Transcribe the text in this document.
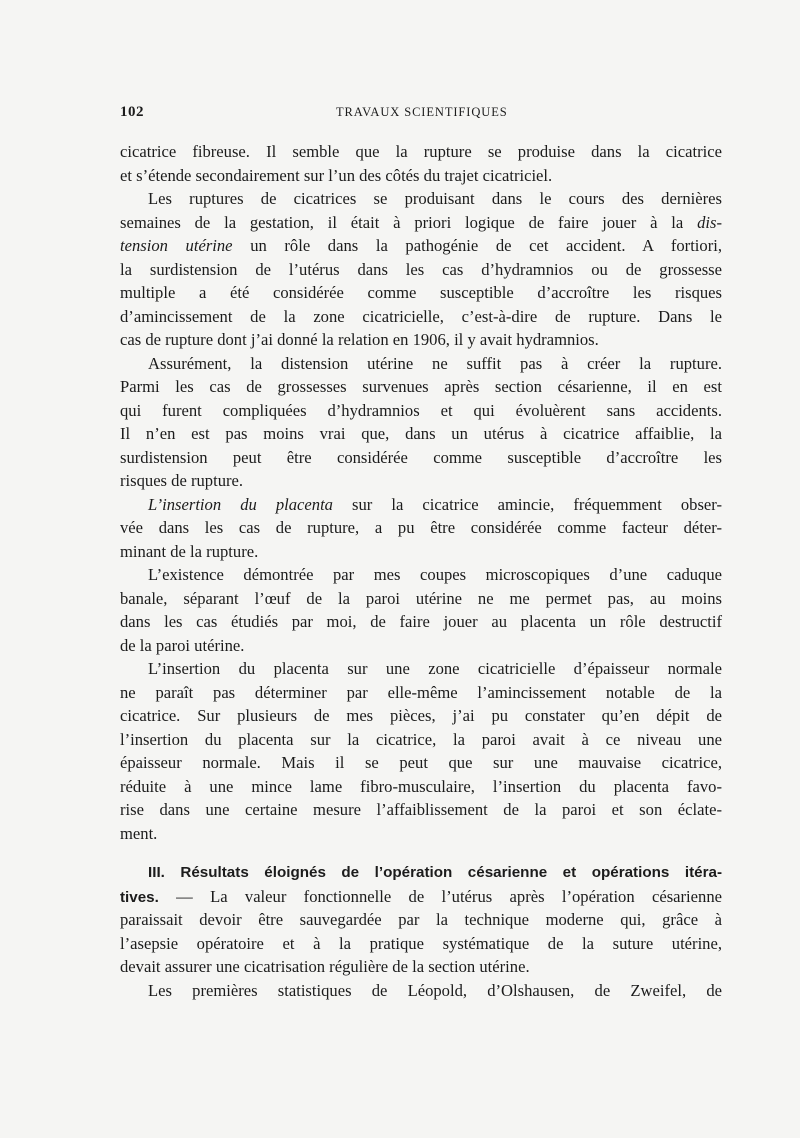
102	TRAVAUX SCIENTIFIQUES
cicatrice fibreuse. Il semble que la rupture se produise dans la cicatrice
et s’étende secondairement sur l’un des côtés du trajet cicatriciel.
Les ruptures de cicatrices se produisant dans le cours des dernières
semaines de la gestation, il était à priori logique de faire jouer à la dis-
tension utérine un rôle dans la pathogénie de cet accident. A fortiori,
la surdistension de l’utérus dans les cas d’hydramnios ou de grossesse
multiple a été considérée comme susceptible d’accroître les risques
d’amincissement de la zone cicatricielle, c’est-à-dire de rupture. Dans le
cas de rupture dont j’ai donné la relation en 1906, il y avait hydramnios.
Assurément, la distension utérine ne suffit pas à créer la rupture.
Parmi les cas de grossesses survenues après section césarienne, il en est
qui furent compliquées d’hydramnios et qui évoluèrent sans accidents.
Il n’en est pas moins vrai que, dans un utérus à cicatrice affaiblie, la
surdistension peut être considérée comme susceptible d’accroître les
risques de rupture.
L’insertion du placenta sur la cicatrice amincie, fréquemment obser-
vée dans les cas de rupture, a pu être considérée comme facteur déter-
minant de la rupture.
L’existence démontrée par mes coupes microscopiques d’une caduque
banale, séparant l’œuf de la paroi utérine ne me permet pas, au moins
dans les cas étudiés par moi, de faire jouer au placenta un rôle destructif
de la paroi utérine.
L’insertion du placenta sur une zone cicatricielle d’épaisseur normale
ne paraît pas déterminer par elle-même l’amincissement notable de la
cicatrice. Sur plusieurs de mes pièces, j’ai pu constater qu’en dépit de
l’insertion du placenta sur la cicatrice, la paroi avait à ce niveau une
épaisseur normale. Mais il se peut que sur une mauvaise cicatrice,
réduite à une mince lame fibro-musculaire, l’insertion du placenta favo-
rise dans une certaine mesure l’affaiblissement de la paroi et son éclate-
ment.
III. Résultats éloignés de l’opération césarienne et opérations itéra-
tives. — La valeur fonctionnelle de l’utérus après l’opération césarienne
paraissait devoir être sauvegardée par la technique moderne qui, grâce à
l’asepsie opératoire et à la pratique systématique de la suture utérine,
devait assurer une cicatrisation régulière de la section utérine.
Les premières statistiques de Léopold, d’Olshausen, de Zweifel, de
